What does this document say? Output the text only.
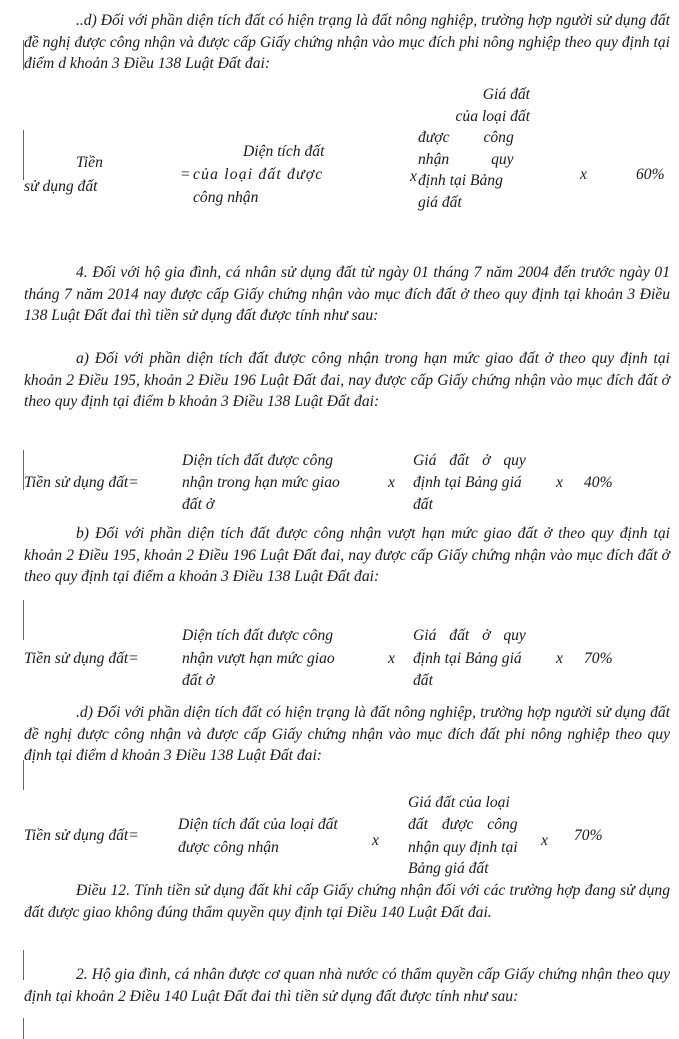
..d) Đối với phần diện tích đất có hiện trạng là đất nông nghiệp, trường hợp người sử dụng đất đề nghị được công nhận và được cấp Giấy chứng nhận vào mục đích phi nông nghiệp theo quy định tại điểm d khoản 3 Điều 138 Luật Đất đai:
Tiền
sử dụng đất
=
Diện tích đất
của loại đất được
công nhận
x
Giá đất
của loại đất
được công
nhận quy
định tại Bảng
giá đất
x	60%
4. Đối với hộ gia đình, cá nhân sử dụng đất từ ngày 01 tháng 7 năm 2004 đến trước ngày 01 tháng 7 năm 2014 nay được cấp Giấy chứng nhận vào mục đích đất ở theo quy định tại khoản 3 Điều 138 Luật Đất đai thì tiền sử dụng đất được tính như sau:
a) Đối với phần diện tích đất được công nhận trong hạn mức giao đất ở theo quy định tại khoản 2 Điều 195, khoản 2 Điều 196 Luật Đất đai, nay được cấp Giấy chứng nhận vào mục đích đất ở theo quy định tại điểm b khoản 3 Điều 138 Luật Đất đai:
Tiền sử dụng đất=
Diện tích đất được công
nhận trong hạn mức giao
đất ở
x
Giá đất ở quy
định tại Bảng giá
đất
x 40%
b) Đối với phần diện tích đất được công nhận vượt hạn mức giao đất ở theo quy định tại khoản 2 Điều 195, khoản 2 Điều 196 Luật Đất đai, nay được cấp Giấy chứng nhận vào mục đích đất ở theo quy định tại điểm a khoản 3 Điều 138 Luật Đất đai:
Tiền sử dụng đất=
Diện tích đất được công
nhận vượt hạn mức giao
đất ở
x
Giá đất ở quy
định tại Bảng giá
đất
x 70%
.d) Đối với phần diện tích đất có hiện trạng là đất nông nghiệp, trường hợp người sử dụng đất đề nghị được công nhận và được cấp Giấy chứng nhận vào mục đích đất phi nông nghiệp theo quy định tại điểm d khoản 3 Điều 138 Luật Đất đai:
Tiền sử dụng đất=
Diện tích đất của loại đất
được công nhận	x
Giá đất của loại
đất được công
nhận quy định tại
Bảng giá đất
x 70%
Điều 12. Tính tiền sử dụng đất khi cấp Giấy chứng nhận đối với các trường hợp đang sử dụng đất được giao không đúng thẩm quyền quy định tại Điều 140 Luật Đất đai.
2. Hộ gia đình, cá nhân được cơ quan nhà nước có thẩm quyền cấp Giấy chứng nhận theo quy định tại khoản 2 Điều 140 Luật Đất đai thì tiền sử dụng đất được tính như sau:
